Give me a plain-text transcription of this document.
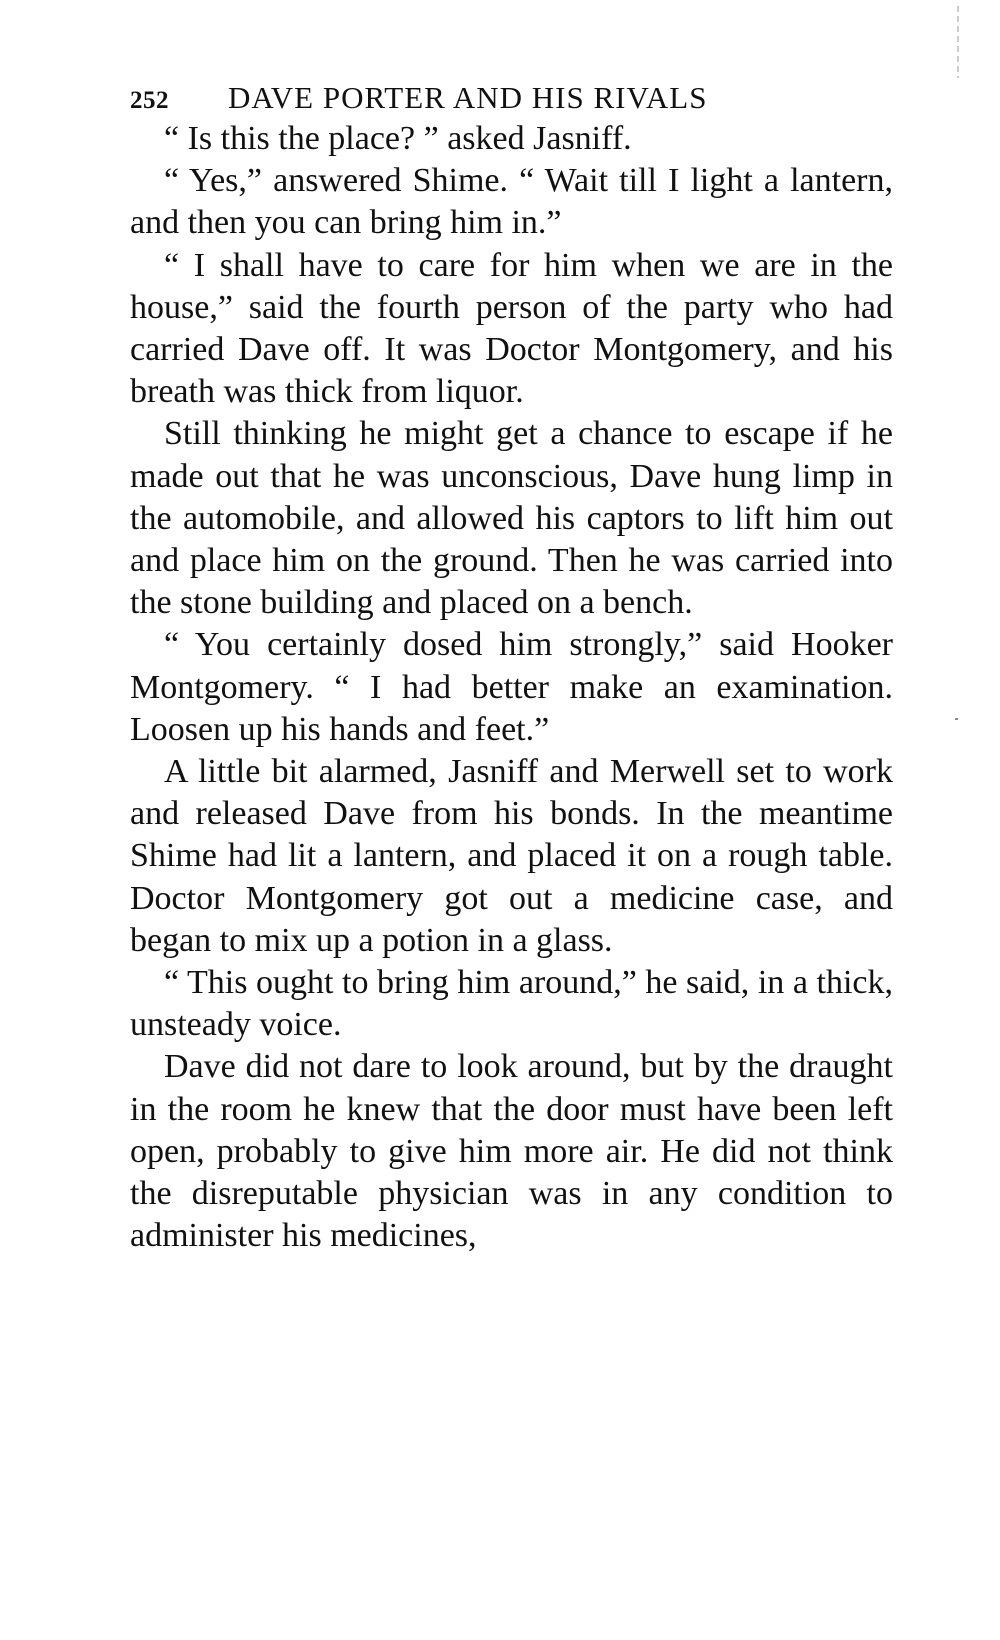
252	DAVE PORTER AND HIS RIVALS

“ Is this the place? ” asked Jasniff.

“ Yes,” answered Shime. “ Wait till I light a lantern, and then you can bring him in.”

“ I shall have to care for him when we are in the house,” said the fourth person of the party who had carried Dave off. It was Doctor Montgomery, and his breath was thick from liquor.

Still thinking he might get a chance to escape if he made out that he was unconscious, Dave hung limp in the automobile, and allowed his captors to lift him out and place him on the ground. Then he was carried into the stone building and placed on a bench.

“ You certainly dosed him strongly,” said Hooker Montgomery. “ I had better make an examination. Loosen up his hands and feet.”

A little bit alarmed, Jasniff and Merwell set to work and released Dave from his bonds. In the meantime Shime had lit a lantern, and placed it on a rough table. Doctor Montgomery got out a medicine case, and began to mix up a potion in a glass.

“ This ought to bring him around,” he said, in a thick, unsteady voice.

Dave did not dare to look around, but by the draught in the room he knew that the door must have been left open, probably to give him more air. He did not think the disreputable physician was in any condition to administer his medicines,
